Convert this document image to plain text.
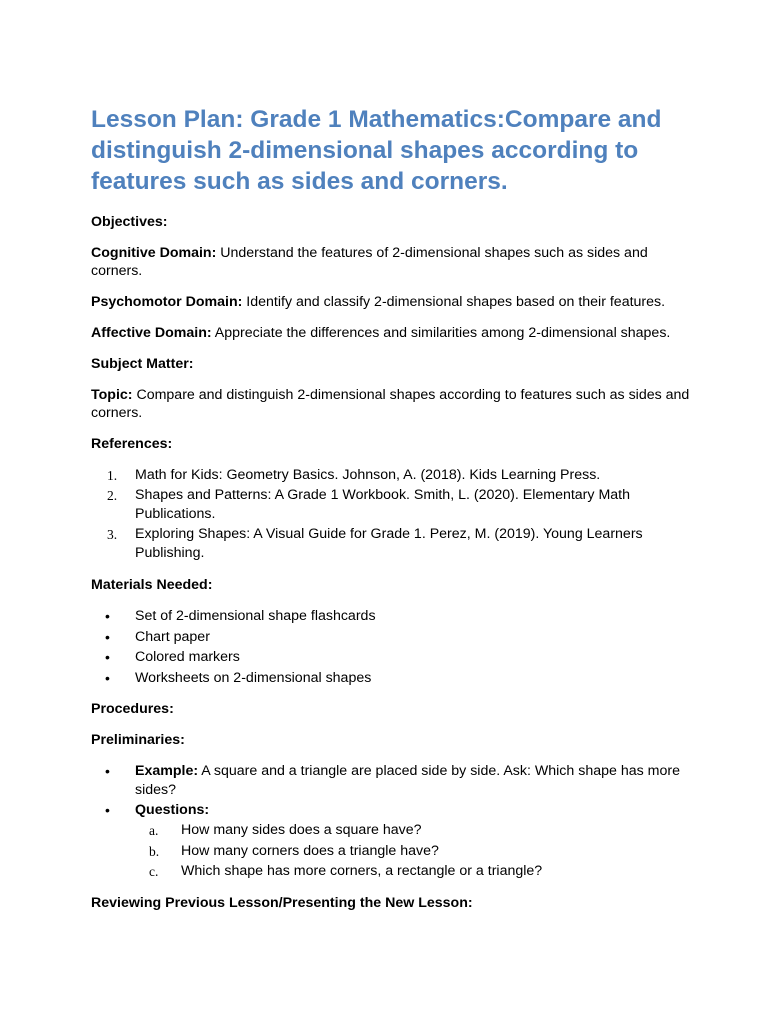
Lesson Plan: Grade 1 Mathematics:Compare and distinguish 2-dimensional shapes according to features such as sides and corners.

Objectives:

Cognitive Domain: Understand the features of 2-dimensional shapes such as sides and corners.

Psychomotor Domain: Identify and classify 2-dimensional shapes based on their features.

Affective Domain: Appreciate the differences and similarities among 2-dimensional shapes.

Subject Matter:

Topic: Compare and distinguish 2-dimensional shapes according to features such as sides and corners.

References:

1. Math for Kids: Geometry Basics. Johnson, A. (2018). Kids Learning Press.
2. Shapes and Patterns: A Grade 1 Workbook. Smith, L. (2020). Elementary Math Publications.
3. Exploring Shapes: A Visual Guide for Grade 1. Perez, M. (2019). Young Learners Publishing.

Materials Needed:

• Set of 2-dimensional shape flashcards
• Chart paper
• Colored markers
• Worksheets on 2-dimensional shapes

Procedures:

Preliminaries:

• Example: A square and a triangle are placed side by side. Ask: Which shape has more sides?
• Questions:
a. How many sides does a square have?
b. How many corners does a triangle have?
c. Which shape has more corners, a rectangle or a triangle?

Reviewing Previous Lesson/Presenting the New Lesson:
